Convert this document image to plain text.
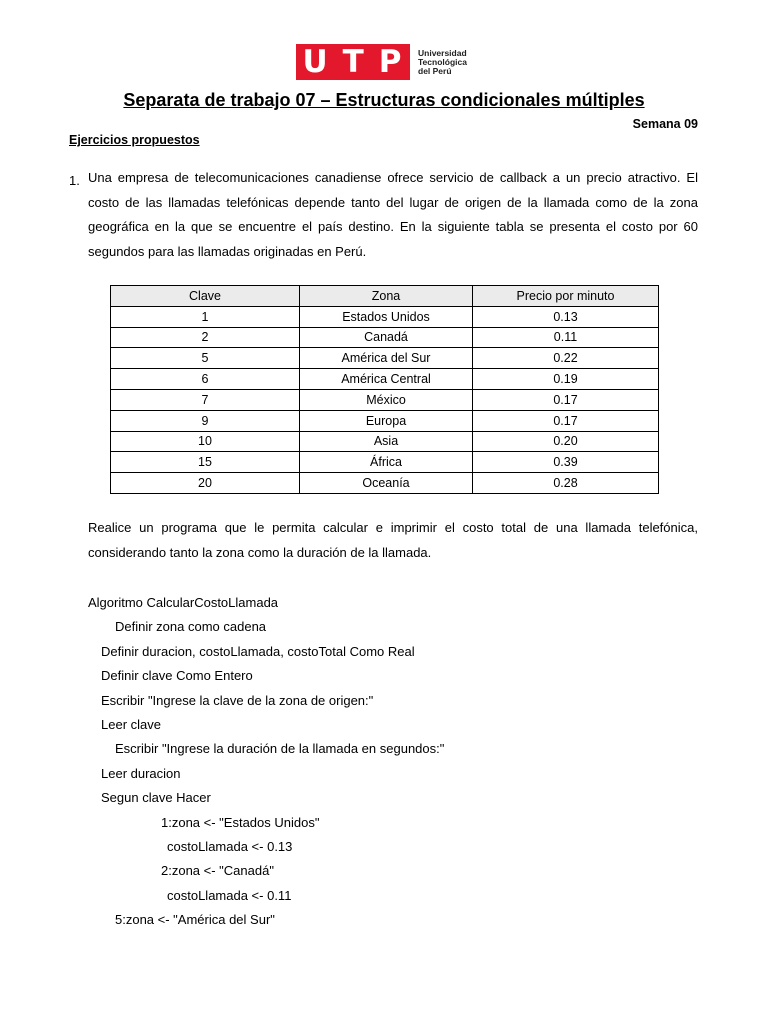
U T P Universidad
Tecnológica
del Perú
Separata de trabajo 07 – Estructuras condicionales múltiples
Semana 09
Ejercicios propuestos
1. Una empresa de telecomunicaciones canadiense ofrece servicio de callback a un precio atractivo. El costo de las llamadas telefónicas depende tanto del lugar de origen de la llamada como de la zona geográfica en la que se encuentre el país destino. En la siguiente tabla se presenta el costo por 60 segundos para las llamadas originadas en Perú.
Clave	Zona	Precio por minuto
1	Estados Unidos	0.13
2	Canadá	0.11
5	América del Sur	0.22
6	América Central	0.19
7	México	0.17
9	Europa	0.17
10	Asia	0.20
15	África	0.39
20	Oceanía	0.28
Realice un programa que le permita calcular e imprimir el costo total de una llamada telefónica, considerando tanto la zona como la duración de la llamada.
Algoritmo CalcularCostoLlamada
Definir zona como cadena
Definir duracion, costoLlamada, costoTotal Como Real
Definir clave Como Entero
Escribir "Ingrese la clave de la zona de origen:"
Leer clave
Escribir "Ingrese la duración de la llamada en segundos:"
Leer duracion
Segun clave Hacer
1:zona <- "Estados Unidos"
costoLlamada <- 0.13
2:zona <- "Canadá"
costoLlamada <- 0.11
5:zona <- "América del Sur"
